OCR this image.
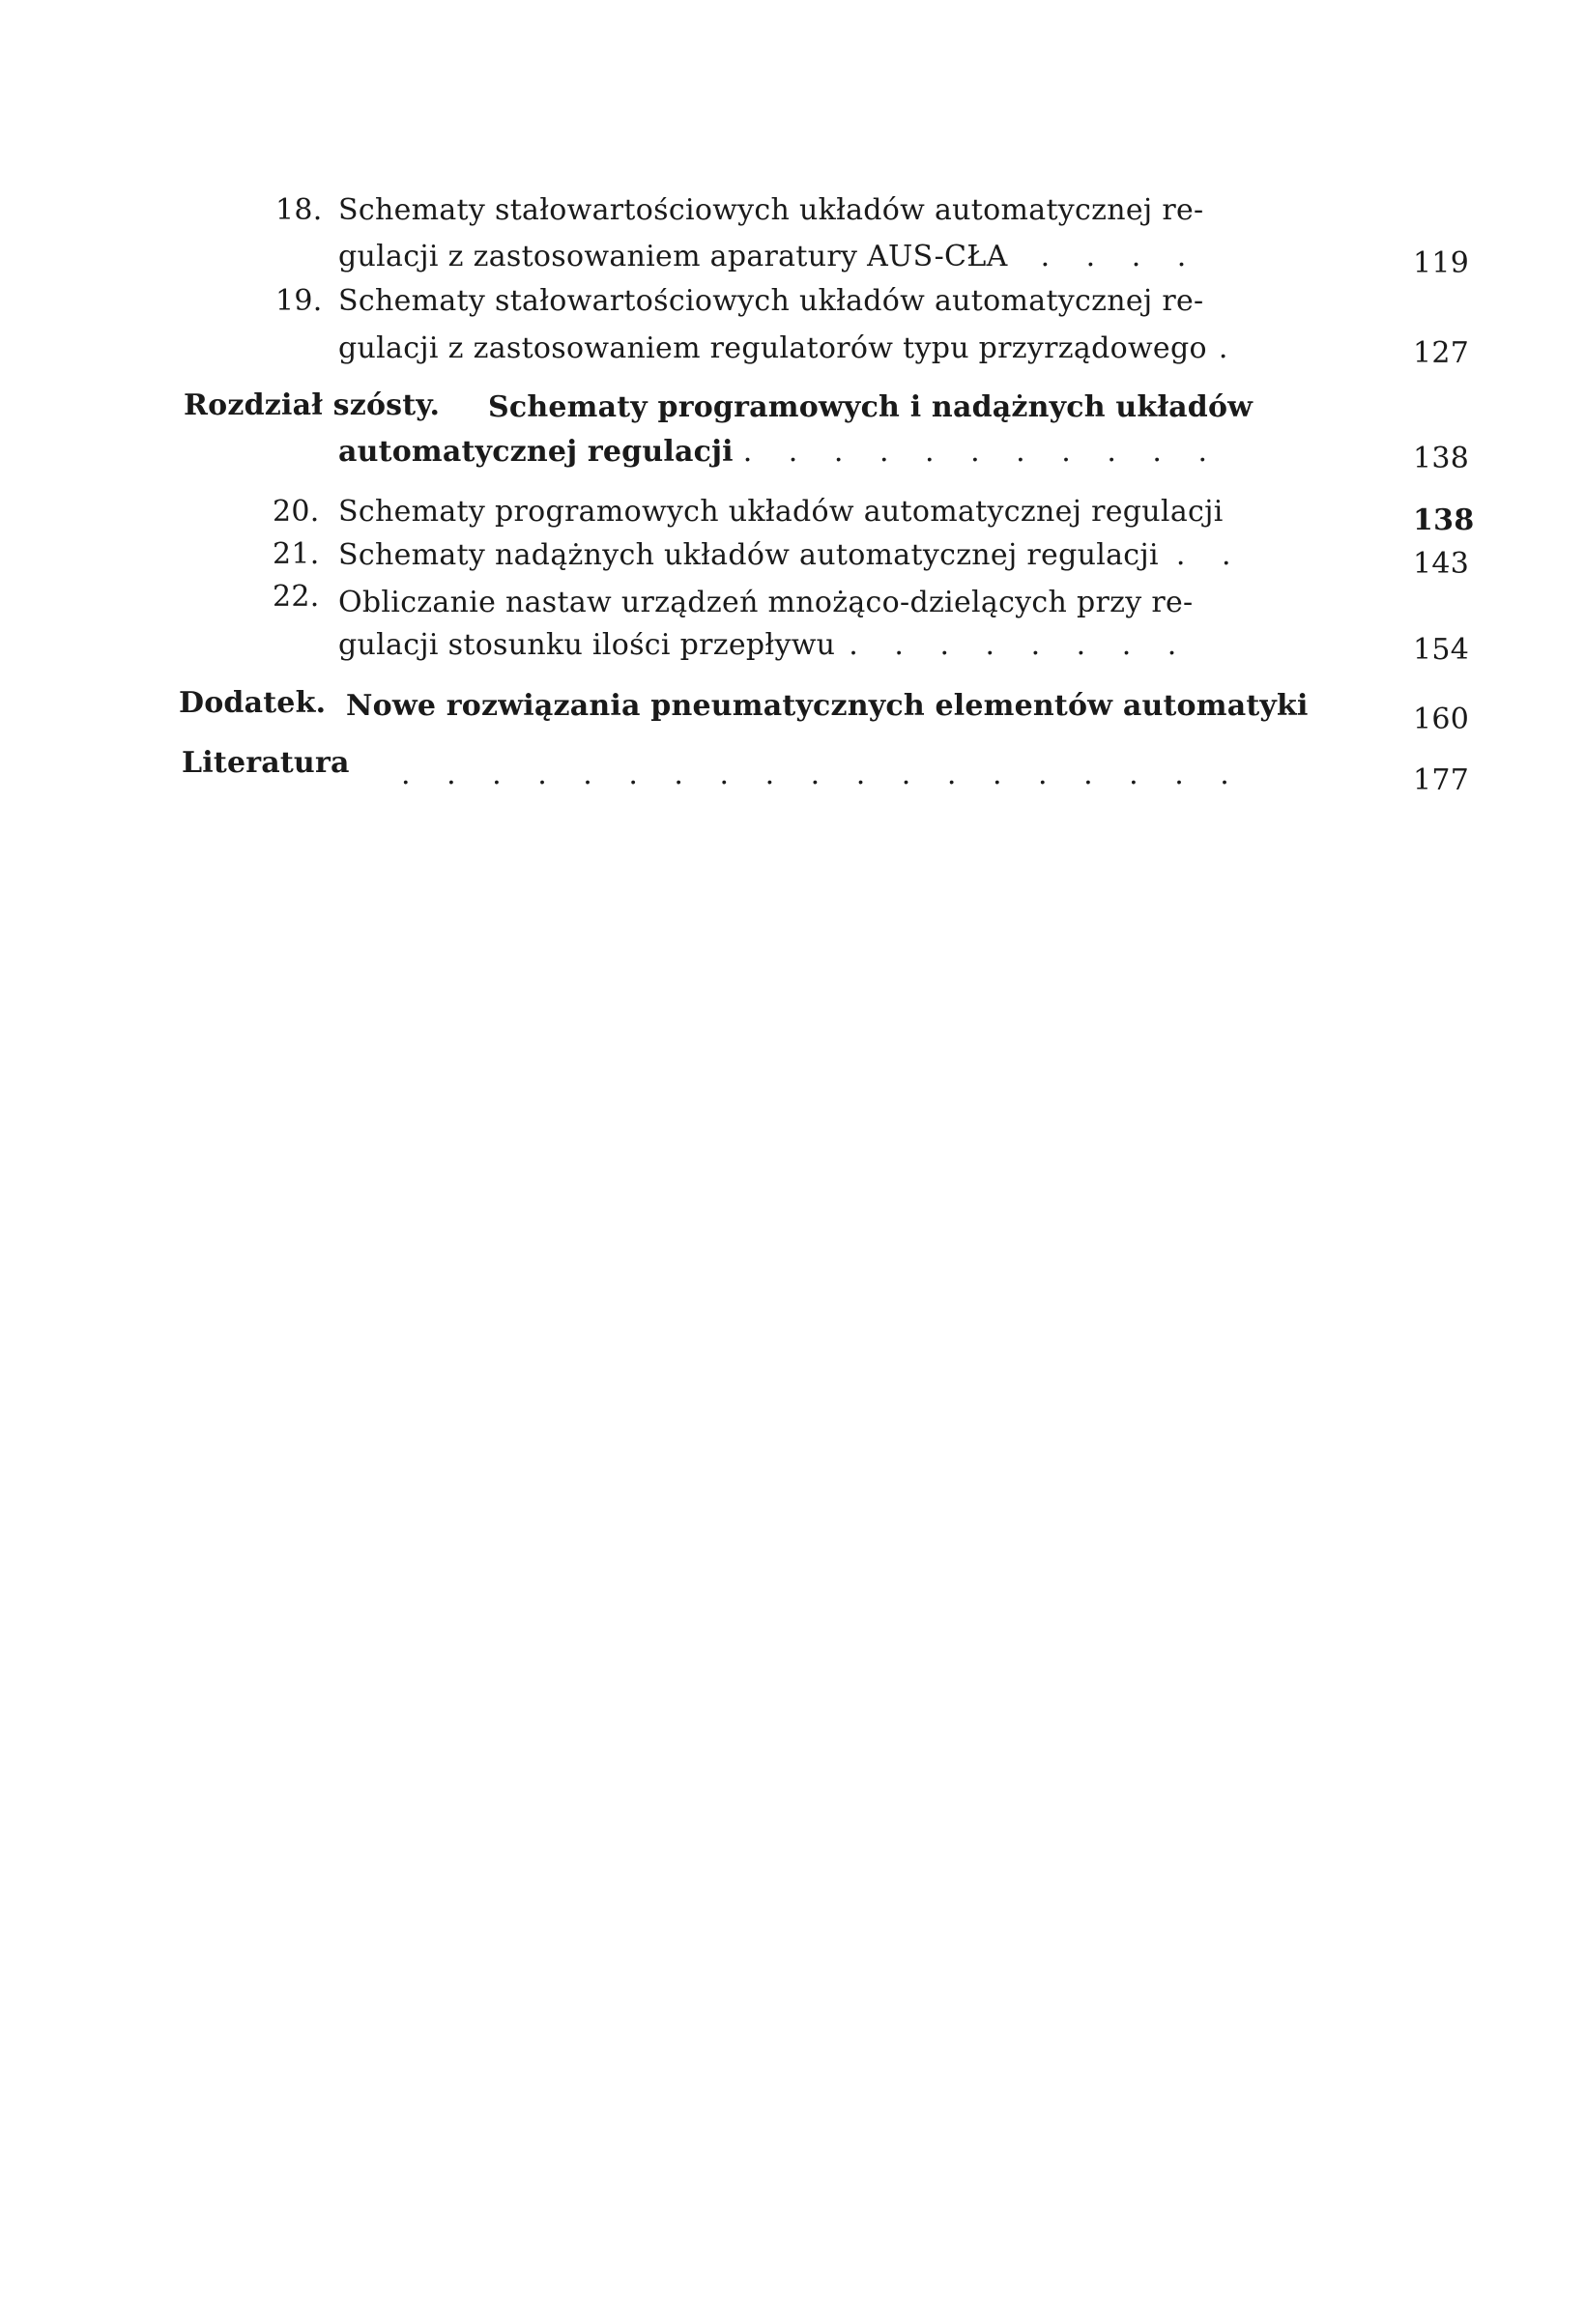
18. Schematy stałowartościowych układów automatycznej re-
gulacji z zastosowaniem aparatury AUS-CŁA . . . .	119
19. Schematy stałowartościowych układów automatycznej re-
gulacji z zastosowaniem regulatorów typu przyrządowego .	127
Rozdział szósty. Schematy programowych i nadążnych układów
automatycznej regulacji . . . . . . . . . . .	138
20. Schematy programowych układów automatycznej regulacji	138
21. Schematy nadążnych układów automatycznej regulacji . .	143
22. Obliczanie nastaw urządzeń mnożąco-dzielących przy re-
gulacji stosunku ilości przepływu . . . . . . . .	154
Dodatek. Nowe rozwiązania pneumatycznych elementów automatyki	160
Literatura . . . . . . . . . . . . . . . . . . .	177
